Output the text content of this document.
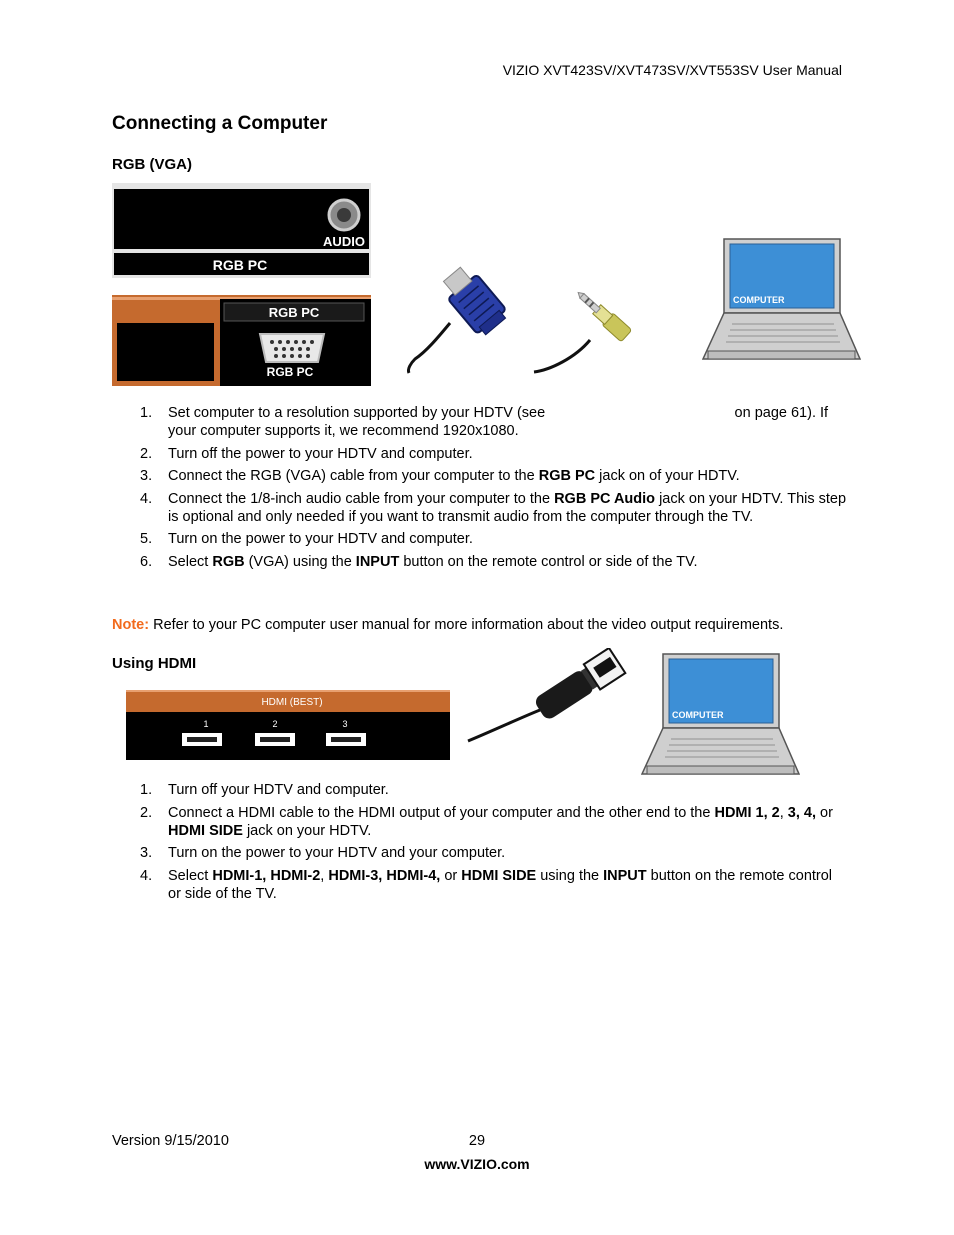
VIZIO XVT423SV/XVT473SV/XVT553SV User Manual
Connecting a Computer
RGB (VGA)
AUDIO
RGB PC
RGB PC
RGB PC
COMPUTER
1. Set computer to a resolution supported by your HDTV (see	on page 61). If your computer supports it, we recommend 1920x1080.
2. Turn off the power to your HDTV and computer.
3. Connect the RGB (VGA) cable from your computer to the RGB PC jack on of your HDTV.
4. Connect the 1/8-inch audio cable from your computer to the RGB PC Audio jack on your HDTV. This step is optional and only needed if you want to transmit audio from the computer through the TV.
5. Turn on the power to your HDTV and computer.
6. Select RGB (VGA) using the INPUT button on the remote control or side of the TV.
Note: Refer to your PC computer user manual for more information about the video output requirements.
Using HDMI
HDMI (BEST)
1	2	3
COMPUTER
1. Turn off your HDTV and computer.
2. Connect a HDMI cable to the HDMI output of your computer and the other end to the HDMI 1, 2, 3, 4, or HDMI SIDE jack on your HDTV.
3. Turn on the power to your HDTV and your computer.
4. Select HDMI-1, HDMI-2, HDMI-3, HDMI-4, or HDMI SIDE using the INPUT button on the remote control or side of the TV.
Version 9/15/2010	29
www.VIZIO.com
